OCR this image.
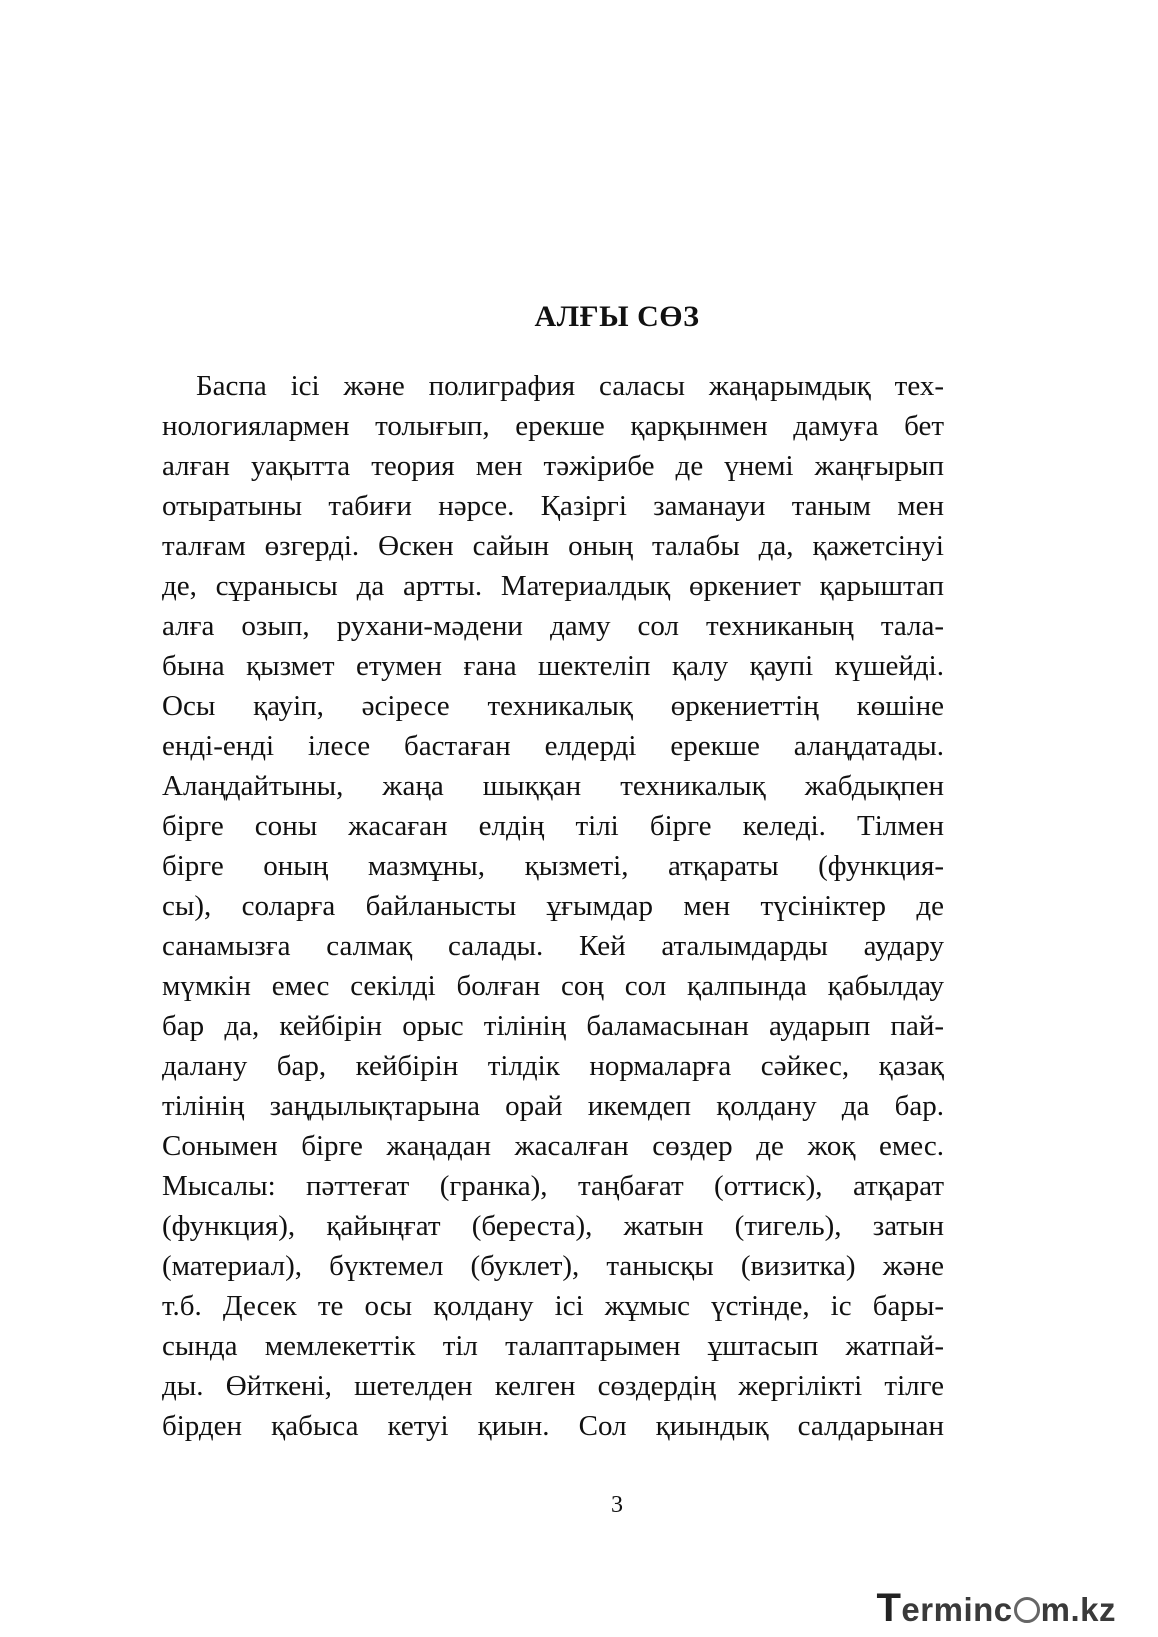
АЛҒЫ СӨЗ
Баспа ісі және полиграфия саласы жаңарымдық тех-
нологиялармен толығып, ерекше қарқынмен дамуға бет
алған уақытта теория мен тәжірибе де үнемі жаңғырып
отыратыны табиғи нәрсе. Қазіргі заманауи таным мен
талғам өзгерді. Өскен сайын оның талабы да, қажетсінуі
де, сұранысы да артты. Материалдық өркениет қарыштап
алға озып, рухани-мәдени даму сол техниканың тала-
бына қызмет етумен ғана шектеліп қалу қаупі күшейді.
Осы қауіп, әсіресе техникалық өркениеттің көшіне
енді-енді ілесе бастаған елдерді ерекше алаңдатады.
Алаңдайтыны, жаңа шыққан техникалық жабдықпен
бірге соны жасаған елдің тілі бірге келеді. Тілмен
бірге оның мазмұны, қызметі, атқараты (функция-
сы), соларға байланысты ұғымдар мен түсініктер де
санамызға салмақ салады. Кей аталымдарды аудару
мүмкін емес секілді болған соң сол қалпында қабылдау
бар да, кейбірін орыс тілінің баламасынан аударып пай-
далану бар, кейбірін тілдік нормаларға сәйкес, қазақ
тілінің заңдылықтарына орай икемдеп қолдану да бар.
Сонымен бірге жаңадан жасалған сөздер де жоқ емес.
Мысалы: пәттеғат (гранка), таңбағат (оттиск), атқарат
(функция), қайыңғат (береста), жатын (тигель), затын
(материал), бүктемел (буклет), танысқы (визитка) және
т.б. Десек те осы қолдану ісі жұмыс үстінде, іс бары-
сында мемлекеттік тіл талаптарымен ұштасып жатпай-
ды. Өйткені, шетелден келген сөздердің жергілікті тілге
бірден қабыса кетуі қиын. Сол қиындық салдарынан
3
T erminc m.kz
